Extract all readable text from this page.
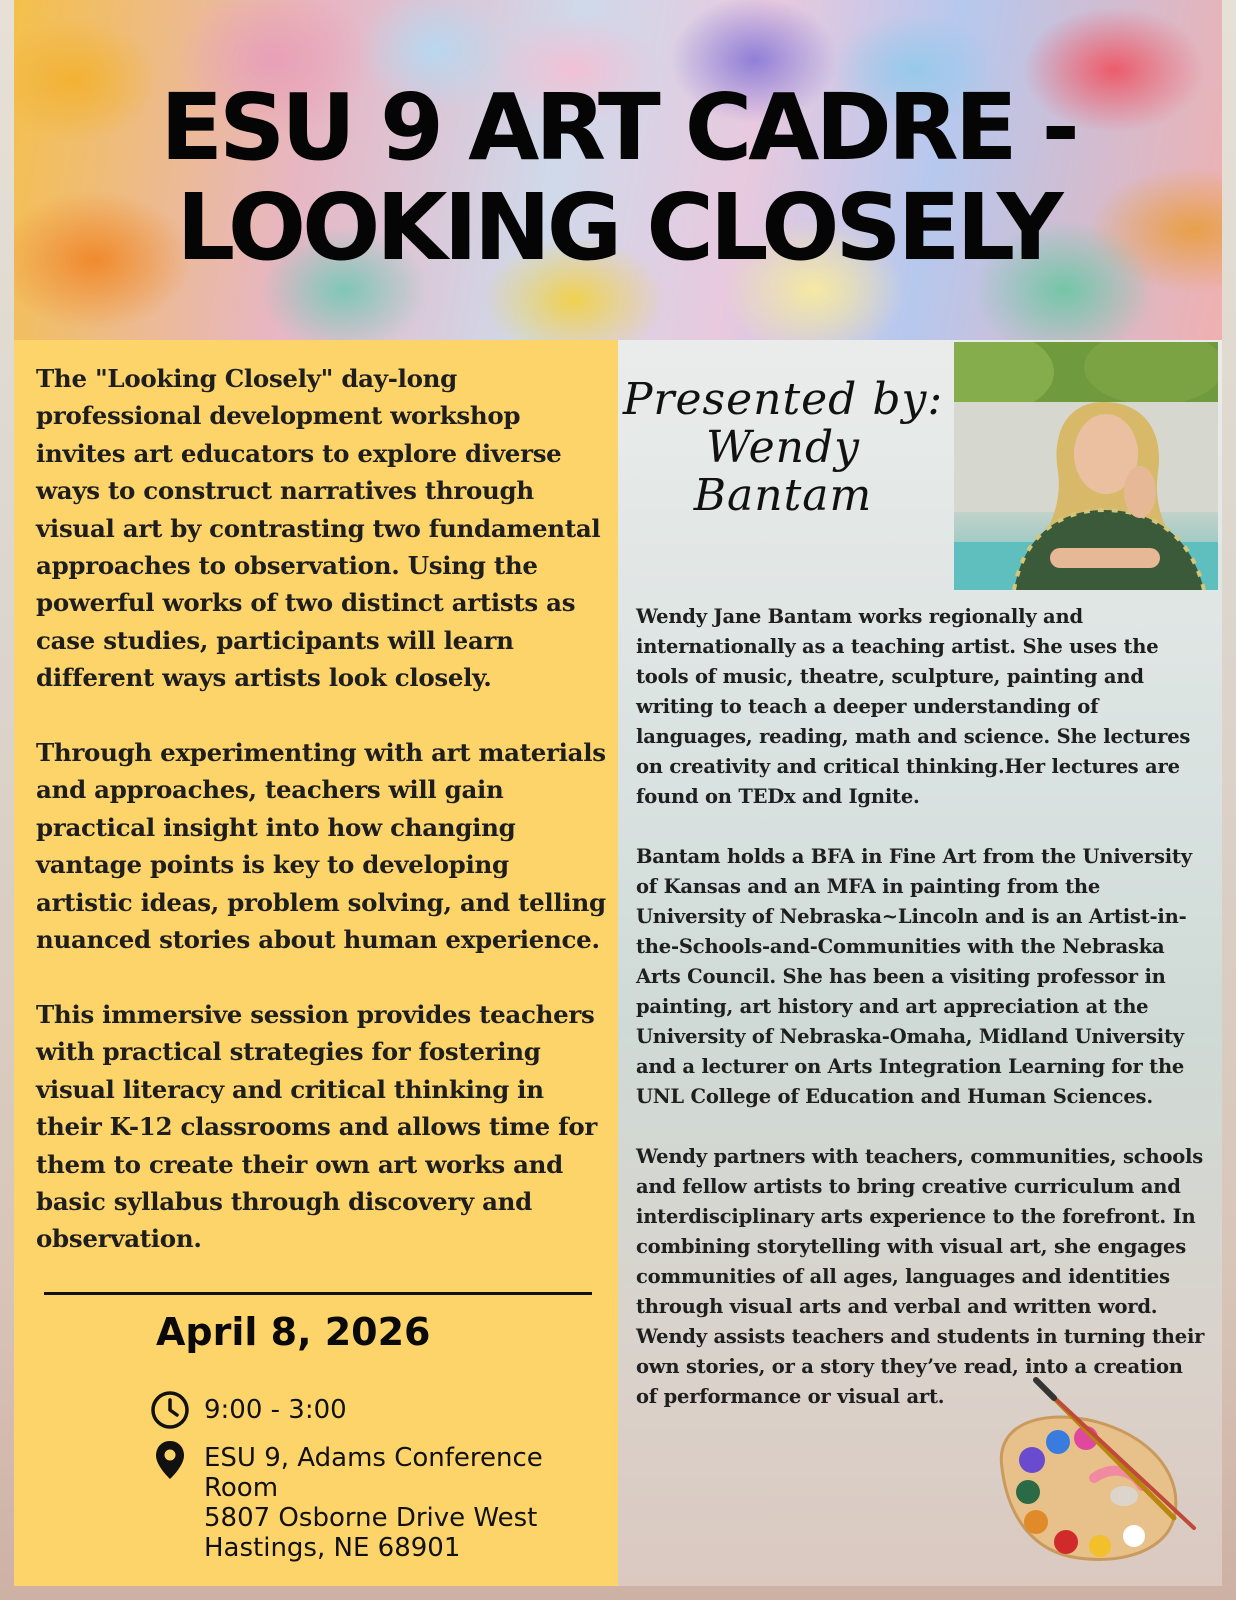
ESU 9 ART CADRE -
LOOKING CLOSELY

The "Looking Closely" day-long professional development workshop invites art educators to explore diverse ways to construct narratives through visual art by contrasting two fundamental approaches to observation. Using the powerful works of two distinct artists as case studies, participants will learn different ways artists look closely.

Through experimenting with art materials and approaches, teachers will gain practical insight into how changing vantage points is key to developing artistic ideas, problem solving, and telling nuanced stories about human experience.

This immersive session provides teachers with practical strategies for fostering visual literacy and critical thinking in their K-12 classrooms and allows time for them to create their own art works and basic syllabus through discovery and observation.

April 8, 2026
9:00 - 3:00
ESU 9, Adams Conference
Room
5807 Osborne Drive West
Hastings, NE 68901
Presented by:
Wendy
Bantam

Wendy Jane Bantam works regionally and internationally as a teaching artist. She uses the tools of music, theatre, sculpture, painting and writing to teach a deeper understanding of languages, reading, math and science. She lectures on creativity and critical thinking.Her lectures are found on TEDx and Ignite.

Bantam holds a BFA in Fine Art from the University of Kansas and an MFA in painting from the University of Nebraska~Lincoln and is an Artist-in-the-Schools-and-Communities with the Nebraska Arts Council. She has been a visiting professor in painting, art history and art appreciation at the University of Nebraska-Omaha, Midland University and a lecturer on Arts Integration Learning for the UNL College of Education and Human Sciences.

Wendy partners with teachers, communities, schools and fellow artists to bring creative curriculum and interdisciplinary arts experience to the forefront. In combining storytelling with visual art, she engages communities of all ages, languages and identities through visual arts and verbal and written word. Wendy assists teachers and students in turning their own stories, or a story they’ve read, into a creation of performance or visual art.
